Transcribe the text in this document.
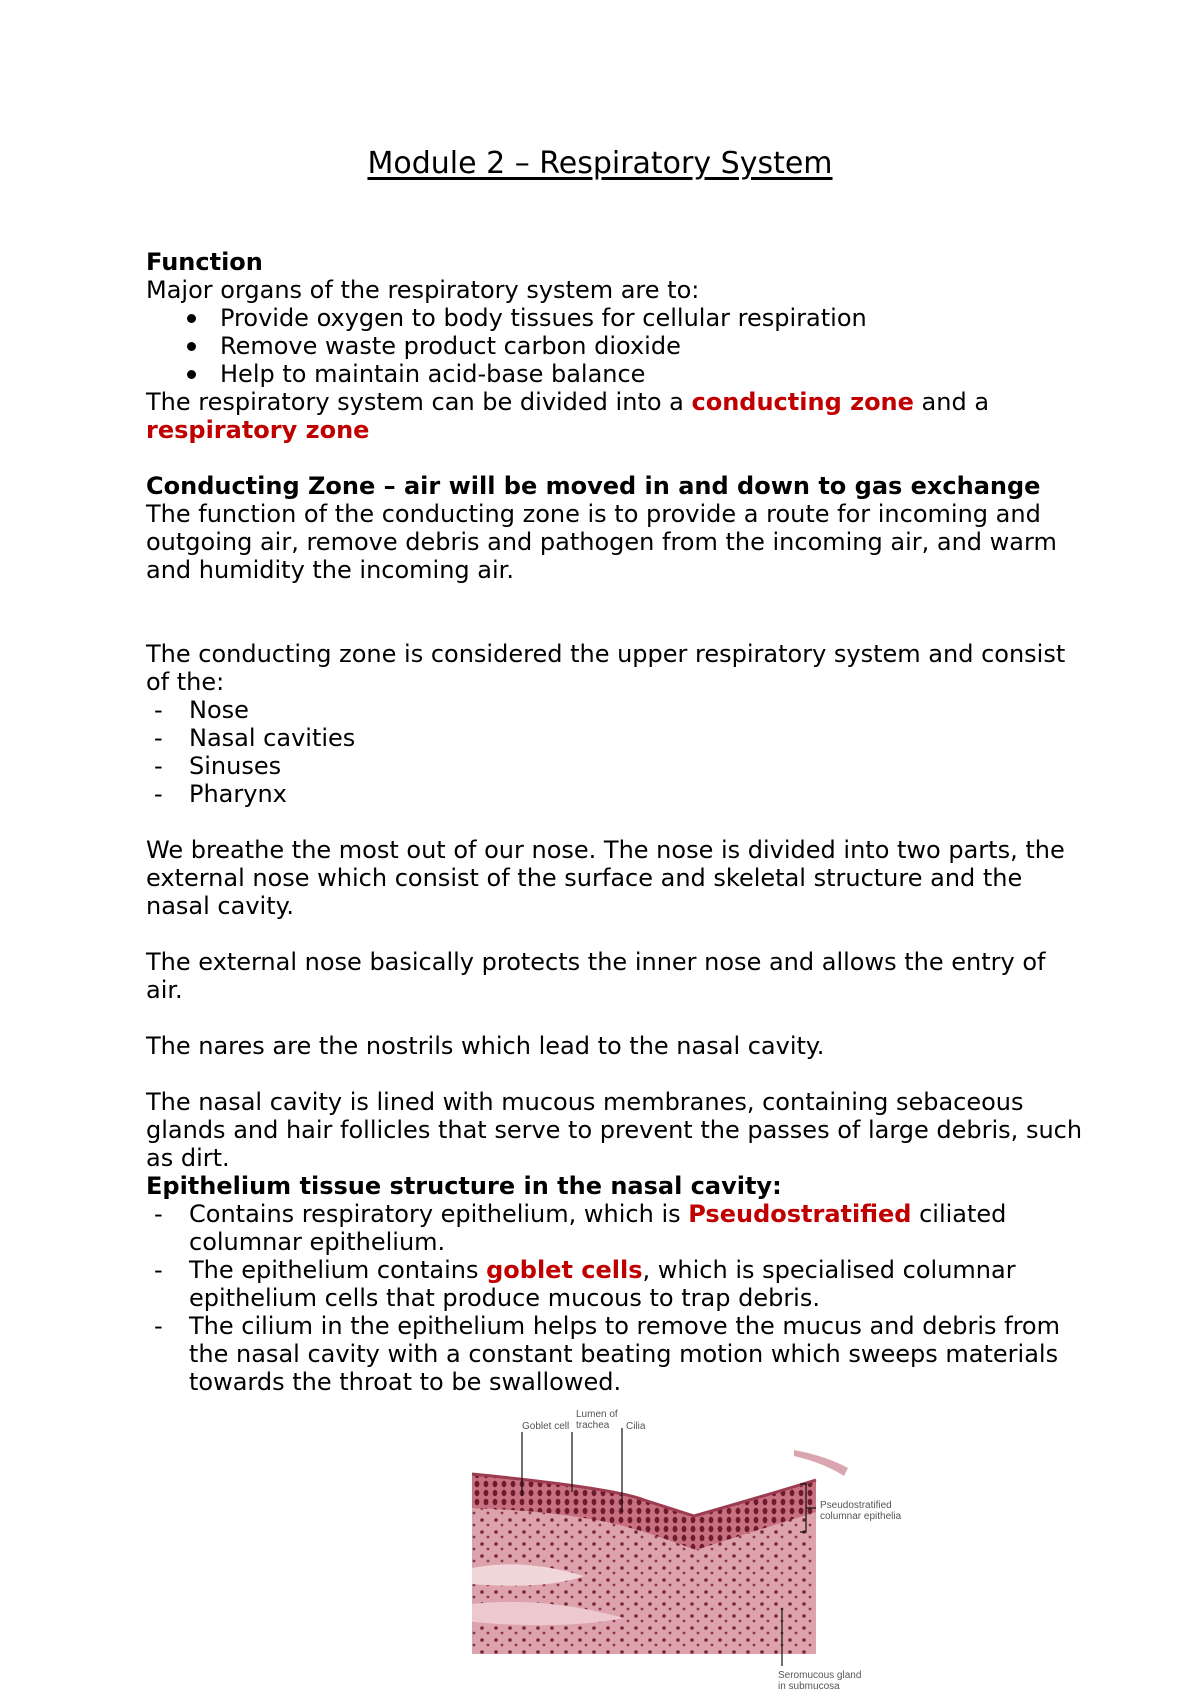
Module 2 – Respiratory System

Function

Major organs of the respiratory system are to:

Provide oxygen to body tissues for cellular respiration
Remove waste product carbon dioxide
Help to maintain acid-base balance

The respiratory system can be divided into a conducting zone and a respiratory zone

Conducting Zone – air will be moved in and down to gas exchange

The function of the conducting zone is to provide a route for incoming and outgoing air, remove debris and pathogen from the incoming air, and warm and humidity the incoming air.

The conducting zone is considered the upper respiratory system and consist of the:

- Nose
- Nasal cavities
- Sinuses
- Pharynx

We breathe the most out of our nose. The nose is divided into two parts, the external nose which consist of the surface and skeletal structure and the nasal cavity.

The external nose basically protects the inner nose and allows the entry of air.

The nares are the nostrils which lead to the nasal cavity.

The nasal cavity is lined with mucous membranes, containing sebaceous glands and hair follicles that serve to prevent the passes of large debris, such as dirt.

Epithelium tissue structure in the nasal cavity:

- Contains respiratory epithelium, which is Pseudostratified ciliated columnar epithelium.
- The epithelium contains goblet cells, which is specialised columnar epithelium cells that produce mucous to trap debris.
- The cilium in the epithelium helps to remove the mucus and debris from the nasal cavity with a constant beating motion which sweeps materials towards the throat to be swallowed.
Goblet cell
Lumen of
trachea Cilia
Pseudostratified
columnar epithelia
Seromucous gland
in submucosa
